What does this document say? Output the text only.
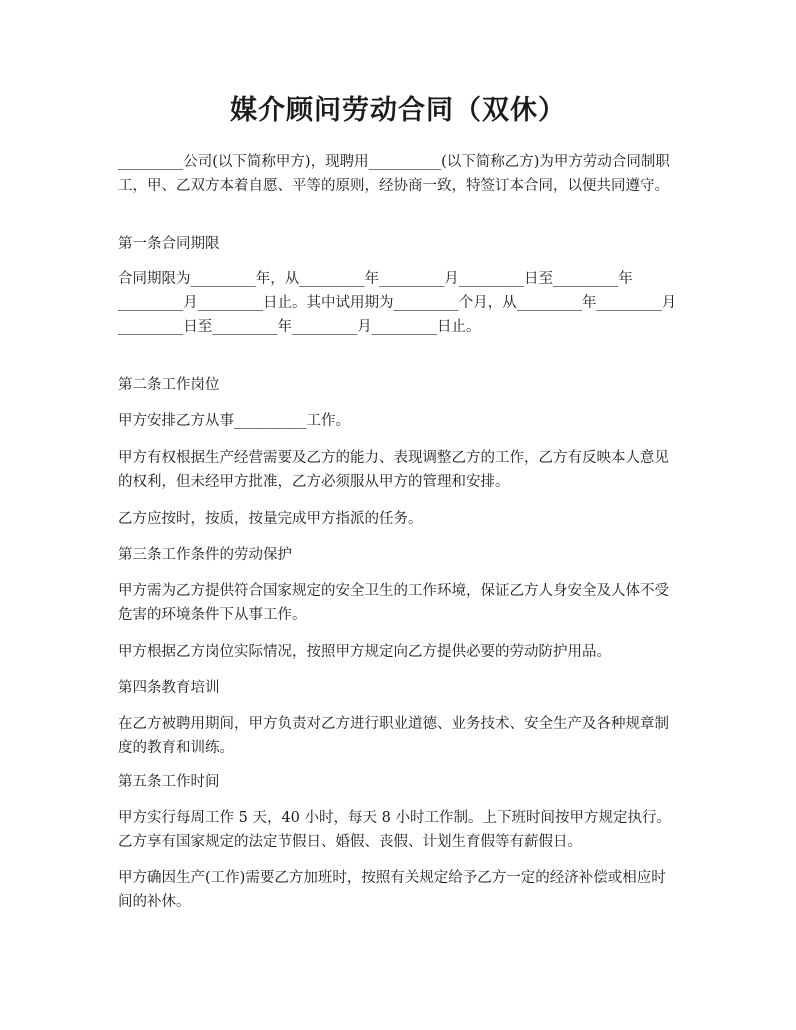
媒介顾问劳动合同（双休）

_________公司(以下简称甲方)，现聘用__________(以下简称乙方)为甲方劳动合同制职工，甲、乙双方本着自愿、平等的原则，经协商一致，特签订本合同，以便共同遵守。

第一条合同期限

合同期限为_________年，从_________年_________月_________日至_________年_________月_________日止。其中试用期为_________个月，从_________年_________月_________日至_________年_________月_________日止。

第二条工作岗位

甲方安排乙方从事__________工作。

甲方有权根据生产经营需要及乙方的能力、表现调整乙方的工作，乙方有反映本人意见的权利，但未经甲方批准，乙方必须服从甲方的管理和安排。

乙方应按时，按质，按量完成甲方指派的任务。

第三条工作条件的劳动保护

甲方需为乙方提供符合国家规定的安全卫生的工作环境，保证乙方人身安全及人体不受危害的环境条件下从事工作。

甲方根据乙方岗位实际情况，按照甲方规定向乙方提供必要的劳动防护用品。

第四条教育培训

在乙方被聘用期间，甲方负责对乙方进行职业道德、业务技术、安全生产及各种规章制度的教育和训练。

第五条工作时间

甲方实行每周工作 5 天，40 小时，每天 8 小时工作制。上下班时间按甲方规定执行。乙方享有国家规定的法定节假日、婚假、丧假、计划生育假等有薪假日。

甲方确因生产(工作)需要乙方加班时，按照有关规定给予乙方一定的经济补偿或相应时间的补休。
